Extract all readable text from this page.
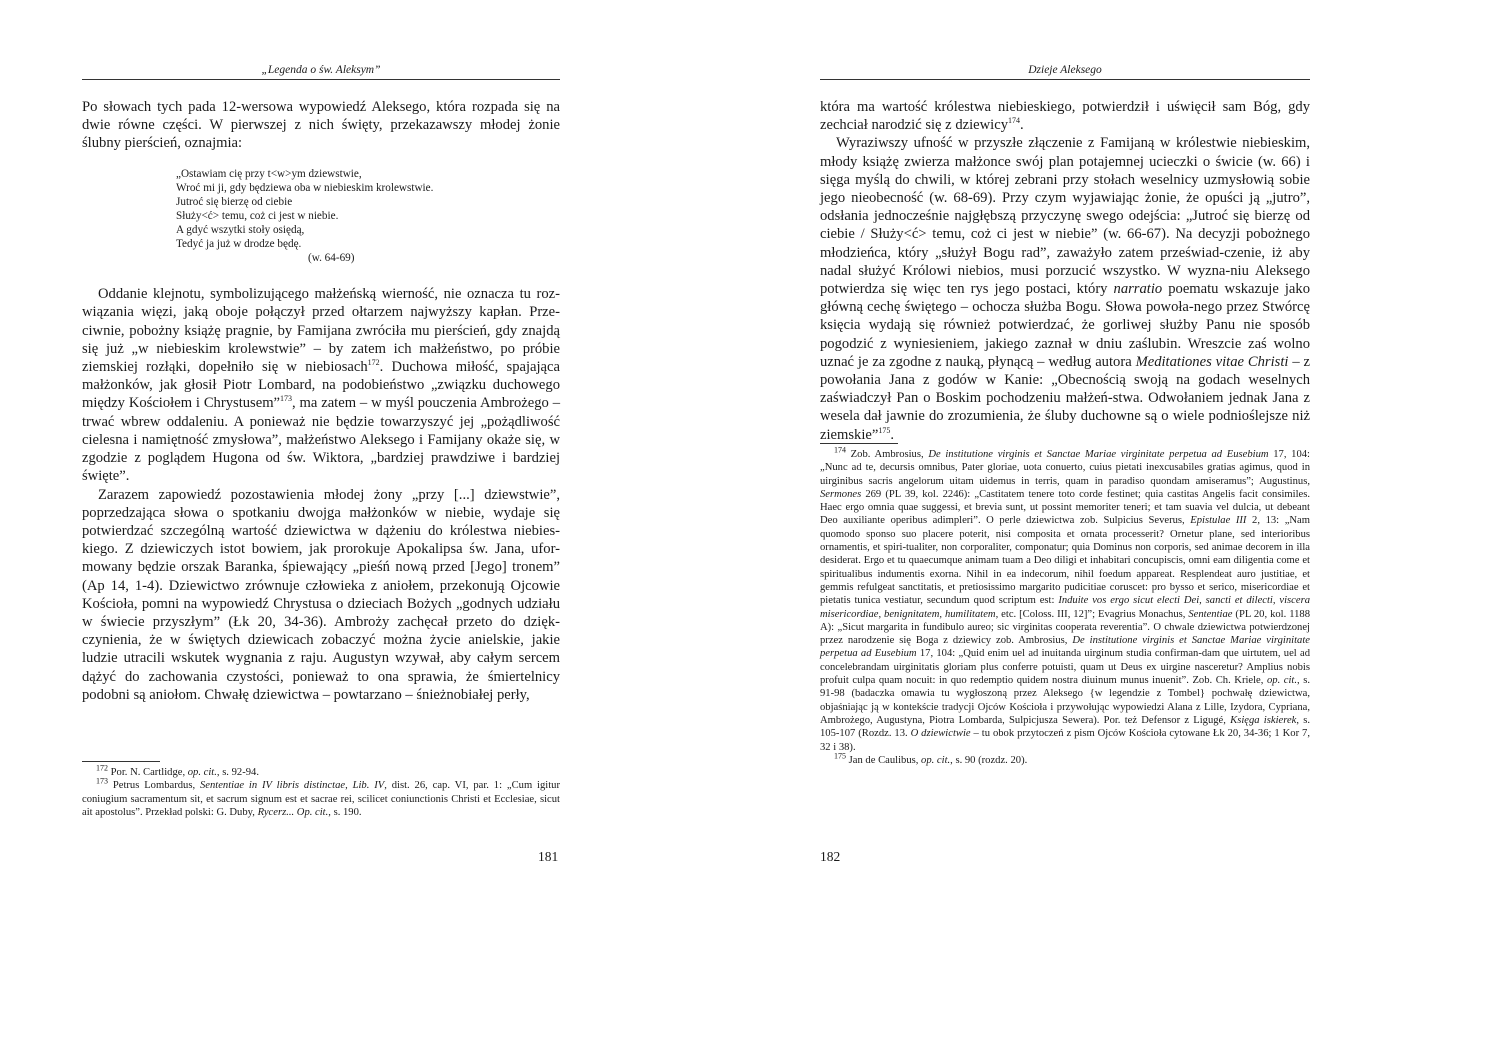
„Legenda o św. Aleksym”

Po słowach tych pada 12-wersowa wypowiedź Aleksego, która rozpada się na dwie równe części. W pierwszej z nich święty, przekazawszy młodej żonie ślubny pierścień, oznajmia:

„Ostawiam cię przy t<w>ym dziewstwie,
Wroć mi ji, gdy będziewa oba w niebieskim krolewstwie.
Jutroć się bierzę od ciebie
Służy<ć> temu, coż ci jest w niebie.
A gdyć wszytki stoły osiędą,
Tedyć ja już w drodze będę.
(w. 64-69)

Oddanie klejnotu, symbolizującego małżeńską wierność, nie oznacza tu roz-wiązania więzi, jaką oboje połączył przed ołtarzem najwyższy kapłan. Prze-ciwnie, pobożny książę pragnie, by Famijana zwróciła mu pierścień, gdy znajdą się już „w niebieskim krolewstwie” – by zatem ich małżeństwo, po próbie ziemskiej rozłąki, dopełniło się w niebiosach$^{172}$. Duchowa miłość, spajająca małżonków, jak głosił Piotr Lombard, na podobieństwo „związku duchowego między Kościołem i Chrystusem”$^{173}$, ma zatem – w myśl pouczenia Ambrożego – trwać wbrew oddaleniu. A ponieważ nie będzie towarzyszyć jej „pożądliwość cielesna i namiętność zmysłowa”, małżeństwo Aleksego i Famijany okaże się, w zgodzie z poglądem Hugona od św. Wiktora, „bardziej prawdziwe i bardziej święte”.

Zarazem zapowiedź pozostawienia młodej żony „przy [...] dziewstwie”, poprzedzająca słowa o spotkaniu dwojga małżonków w niebie, wydaje się potwierdzać szczególną wartość dziewictwa w dążeniu do królestwa niebies-kiego. Z dziewiczych istot bowiem, jak prorokuje Apokalipsa św. Jana, ufor-mowany będzie orszak Baranka, śpiewający „pieśń nową przed [Jego] tronem” (Ap 14, 1-4). Dziewictwo zrównuje człowieka z aniołem, przekonują Ojcowie Kościoła, pomni na wypowiedź Chrystusa o dzieciach Bożych „godnych udziału w świecie przyszłym” (Łk 20, 34-36). Ambroży zachęcał przeto do dzięk-czynienia, że w świętych dziewicach zobaczyć można życie anielskie, jakie ludzie utracili wskutek wygnania z raju. Augustyn wzywał, aby całym sercem dążyć do zachowania czystości, ponieważ to ona sprawia, że śmiertelnicy podobni są aniołom. Chwałę dziewictwa – powtarzano – śnieżnobiałej perły,

$^{172}$ Por. N. Cartlidge, op. cit., s. 92-94.

$^{173}$ Petrus Lombardus, Sententiae in IV libris distinctae, Lib. IV, dist. 26, cap. VI, par. 1: „Cum igitur coniugium sacramentum sit, et sacrum signum est et sacrae rei, scilicet coniunctionis Christi et Ecclesiae, sicut ait apostolus”. Przekład polski: G. Duby, Rycerz... Op. cit., s. 190.

181
Dzieje Aleksego

która ma wartość królestwa niebieskiego, potwierdził i uświęcił sam Bóg, gdy zechciał narodzić się z dziewicy$^{174}$.

Wyraziwszy ufność w przyszłe złączenie z Famijaną w królestwie niebieskim, młody książę zwierza małżonce swój plan potajemnej ucieczki o świcie (w. 66) i sięga myślą do chwili, w której zebrani przy stołach weselnicy uzmysłowią sobie jego nieobecność (w. 68-69). Przy czym wyjawiając żonie, że opuści ją „jutro”, odsłania jednocześnie najgłębszą przyczynę swego odejścia: „Jutroć się bierzę od ciebie / Służy<ć> temu, coż ci jest w niebie” (w. 66-67). Na decyzji pobożnego młodzieńca, który „służył Bogu rad”, zaważyło zatem przeświad-czenie, iż aby nadal służyć Królowi niebios, musi porzucić wszystko. W wyzna-niu Aleksego potwierdza się więc ten rys jego postaci, który narratio poematu wskazuje jako główną cechę świętego – ochocza służba Bogu. Słowa powoła-nego przez Stwórcę księcia wydają się również potwierdzać, że gorliwej służby Panu nie sposób pogodzić z wyniesieniem, jakiego zaznał w dniu zaślubin. Wreszcie zaś wolno uznać je za zgodne z nauką, płynącą – według autora Meditationes vitae Christi – z powołania Jana z godów w Kanie: „Obecnością swoją na godach weselnych zaświadczył Pan o Boskim pochodzeniu małżeń-stwa. Odwołaniem jednak Jana z wesela dał jawnie do zrozumienia, że śluby duchowne są o wiele podnioślejsze niż ziemskie”$^{175}$.

$^{174}$ Zob. Ambrosius, De institutione virginis et Sanctae Mariae virginitate perpetua ad Eusebium 17, 104: „Nunc ad te, decursis omnibus, Pater gloriae, uota conuerto, cuius pietati inexcusabiles gratias agimus, quod in uirginibus sacris angelorum uitam uidemus in terris, quam in paradiso quondam amiseramus”; Augustinus, Sermones 269 (PL 39, kol. 2246): „Castitatem tenere toto corde festinet; quia castitas Angelis facit consimiles. Haec ergo omnia quae suggessi, et brevia sunt, ut possint memoriter teneri; et tam suavia vel dulcia, ut debeant Deo auxiliante operibus adimpleri”. O perle dziewictwa zob. Sulpicius Severus, Epistulae III 2, 13: „Nam quomodo sponso suo placere poterit, nisi composita et ornata processerit? Ornetur plane, sed interioribus ornamentis, et spiri-tualiter, non corporaliter, componatur; quia Dominus non corporis, sed animae decorem in illa desiderat. Ergo et tu quaecumque animam tuam a Deo diligi et inhabitari concupiscis, omni eam diligentia come et spiritualibus indumentis exorna. Nihil in ea indecorum, nihil foedum appareat. Resplendeat auro justitiae, et gemmis refulgeat sanctitatis, et pretiosissimo margarito pudicitiae coruscet: pro bysso et serico, misericordiae et pietatis tunica vestiatur, secundum quod scriptum est: Induite vos ergo sicut electi Dei, sancti et dilecti, viscera misericordiae, benignitatem, humilitatem, etc. [Coloss. III, 12]”; Evagrius Monachus, Sententiae (PL 20, kol. 1188 A): „Sicut margarita in fundibulo aureo; sic virginitas cooperata reverentia”. O chwale dziewictwa potwierdzonej przez narodzenie się Boga z dziewicy zob. Ambrosius, De institutione virginis et Sanctae Mariae virginitate perpetua ad Eusebium 17, 104: „Quid enim uel ad inuitanda uirginum studia confirman-dam que uirtutem, uel ad concelebrandam uirginitatis gloriam plus conferre potuisti, quam ut Deus ex uirgine nasceretur? Amplius nobis profuit culpa quam nocuit: in quo redemptio quidem nostra diuinum munus inuenit”. Zob. Ch. Kriele, op. cit., s. 91-98 (badaczka omawia tu wygłoszoną przez Aleksego {w legendzie z Tombel} pochwałę dziewictwa, objaśniając ją w kontekście tradycji Ojców Kościoła i przywołując wypowiedzi Alana z Lille, Izydora, Cypriana, Ambrożego, Augustyna, Piotra Lombarda, Sulpicjusza Sewera). Por. też Defensor z Ligugé, Księga iskierek, s. 105-107 (Rozdz. 13. O dziewictwie – tu obok przytoczeń z pism Ojców Kościoła cytowane Łk 20, 34-36; 1 Kor 7, 32 i 38).

$^{175}$ Jan de Caulibus, op. cit., s. 90 (rozdz. 20).

182
